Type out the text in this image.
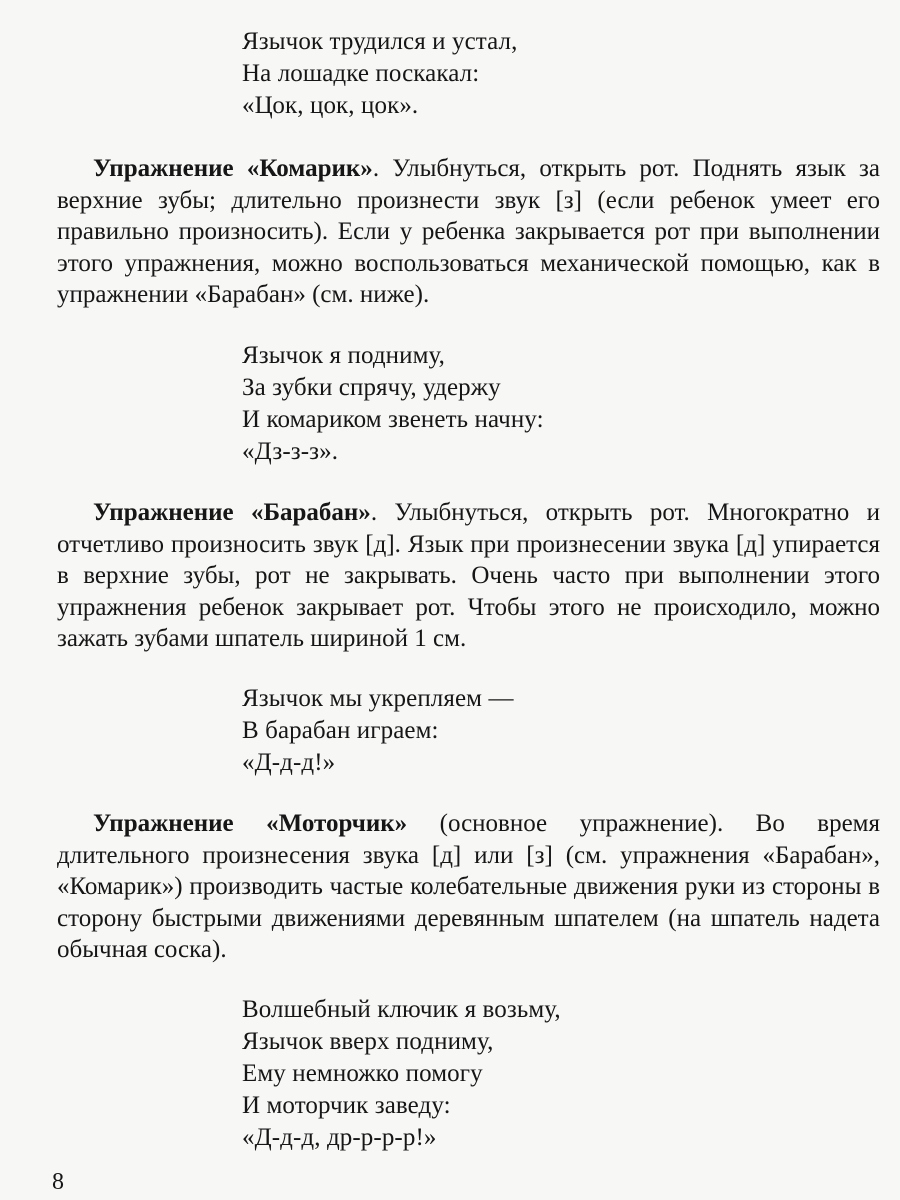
Язычок трудился и устал,
На лошадке поскакал:
«Цок, цок, цок».

Упражнение «Комарик». Улыбнуться, открыть рот. Поднять язык за верхние зубы; длительно произнести звук [з] (если ребенок умеет его правильно произносить). Если у ребенка закрывается рот при выполнении этого упражнения, можно воспользоваться механической помощью, как в упражнении «Барабан» (см. ниже).

Язычок я подниму,
За зубки спрячу, удержу
И комариком звенеть начну:
«Дз-з-з».

Упражнение «Барабан». Улыбнуться, открыть рот. Многократно и отчетливо произносить звук [д]. Язык при произнесении звука [д] упирается в верхние зубы, рот не закрывать. Очень часто при выполнении этого упражнения ребенок закрывает рот. Чтобы этого не происходило, можно зажать зубами шпатель шириной 1 см.

Язычок мы укрепляем —
В барабан играем:
«Д-д-д!»

Упражнение «Моторчик» (основное упражнение). Во время длительного произнесения звука [д] или [з] (см. упражнения «Барабан», «Комарик») производить частые колебательные движения руки из стороны в сторону быстрыми движениями деревянным шпателем (на шпатель надета обычная соска).

Волшебный ключик я возьму,
Язычок вверх подниму,
Ему немножко помогу
И моторчик заведу:
«Д-д-д, др-р-р-р!»
8
